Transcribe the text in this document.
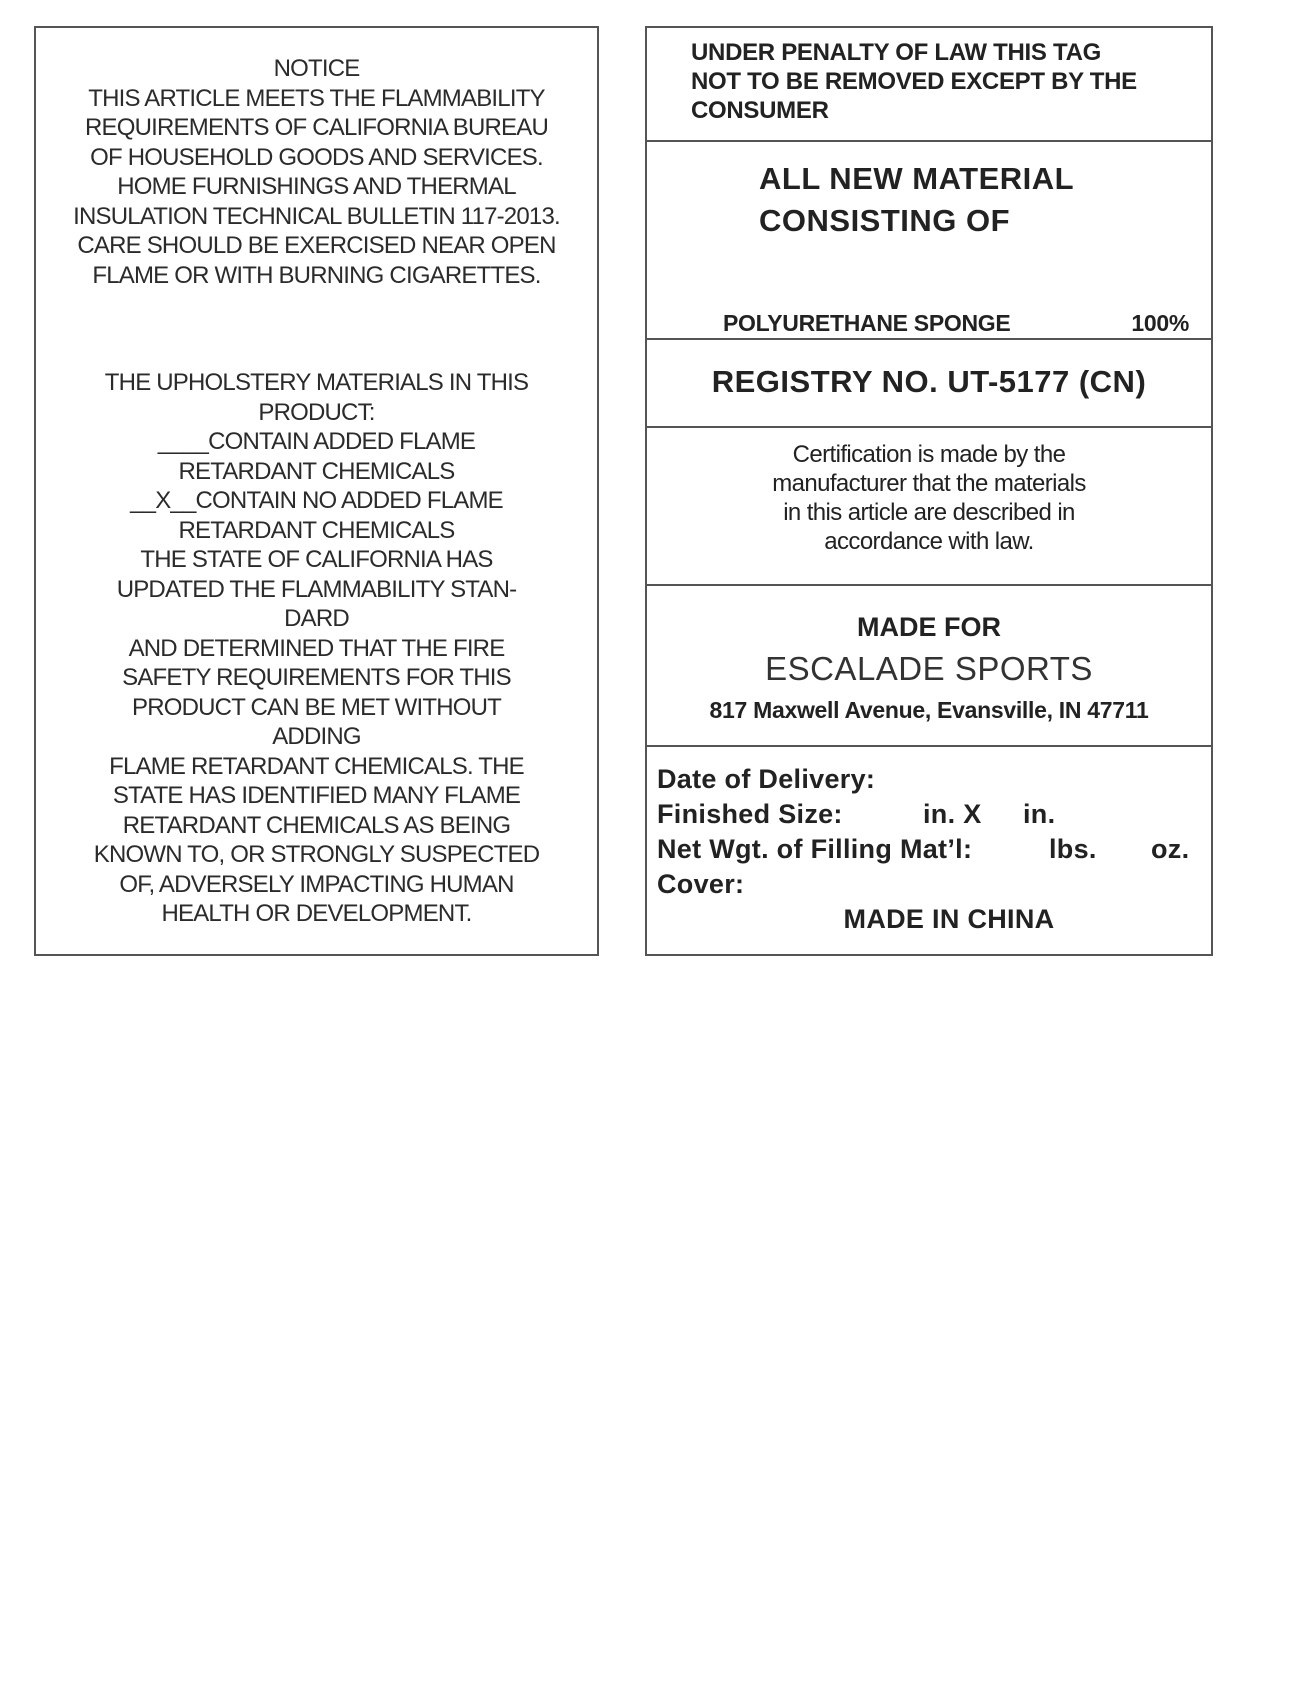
NOTICE

THIS ARTICLE MEETS THE FLAMMABILITY

REQUIREMENTS OF CALIFORNIA BUREAU

OF HOUSEHOLD GOODS AND SERVICES.

HOME FURNISHINGS AND THERMAL

INSULATION TECHNICAL BULLETIN 117-2013.

CARE SHOULD BE EXERCISED NEAR OPEN

FLAME OR WITH BURNING CIGARETTES.

THE UPHOLSTERY MATERIALS IN THIS

PRODUCT:

____CONTAIN ADDED FLAME

RETARDANT CHEMICALS

__X__CONTAIN NO ADDED FLAME

RETARDANT CHEMICALS

THE STATE OF CALIFORNIA HAS

UPDATED THE FLAMMABILITY STAN-

DARD

AND DETERMINED THAT THE FIRE

SAFETY REQUIREMENTS FOR THIS

PRODUCT CAN BE MET WITHOUT

ADDING

FLAME RETARDANT CHEMICALS. THE

STATE HAS IDENTIFIED MANY FLAME

RETARDANT CHEMICALS AS BEING

KNOWN TO, OR STRONGLY SUSPECTED

OF, ADVERSELY IMPACTING HUMAN

HEALTH OR DEVELOPMENT.

UNDER PENALTY OF LAW THIS TAG
NOT TO BE REMOVED EXCEPT BY THE
CONSUMER
ALL NEW MATERIAL
CONSISTING OF
POLYURETHANE SPONGE	100%
REGISTRY NO. UT-5177 (CN)
Certification is made by the
manufacturer that the materials
in this article are described in
accordance with law.
MADE FOR
ESCALADE SPORTS
817 Maxwell Avenue, Evansville, IN 47711
Date of Delivery:
Finished Size:	in. X in.
Net Wgt. of Filling Mat’l:	lbs. oz.
Cover:
MADE IN CHINA
